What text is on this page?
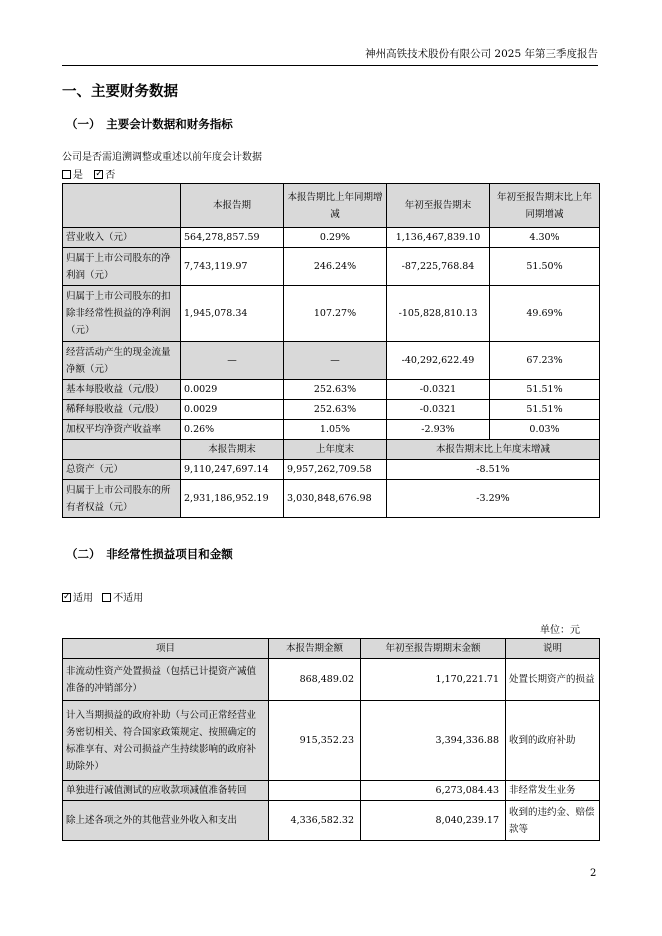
神州高铁技术股份有限公司 2025 年第三季度报告
一、主要财务数据
（一）　主要会计数据和财务指标
公司是否需追溯调整或重述以前年度会计数据
是 ✓ 否
	本报告期	本报告期比上年同期增减	年初至报告期末	年初至报告期末比上年同期增减
营业收入（元）	564,278,857.59	0.29%	1,136,467,839.10	4.30%
归属于上市公司股东的净利润（元）	7,743,119.97	246.24%	-87,225,768.84	51.50%
归属于上市公司股东的扣除非经常性损益的净利润（元）	1,945,078.34	107.27%	-105,828,810.13	49.69%
经营活动产生的现金流量净额（元）	—	—	-40,292,622.49	67.23%
基本每股收益（元/股）	0.0029	252.63%	-0.0321	51.51%
稀释每股收益（元/股）	0.0029	252.63%	-0.0321	51.51%
加权平均净资产收益率	0.26%	1.05%	-2.93%	0.03%
	本报告期末	上年度末	本报告期末比上年度末增减	
总资产（元）	9,110,247,697.14	9,957,262,709.58	-8.51%	
归属于上市公司股东的所有者权益（元）	2,931,186,952.19	3,030,848,676.98	-3.29%	
（二）　非经常性损益项目和金额
✓适用 不适用
单位：元
项目	本报告期金额	年初至报告期期末金额	说明
非流动性资产处置损益（包括已计提资产减值准备的冲销部分）	868,489.02	1,170,221.71	处置长期资产的损益
计入当期损益的政府补助（与公司正常经营业务密切相关、符合国家政策规定、按照确定的标准享有、对公司损益产生持续影响的政府补助除外）	915,352.23	3,394,336.88	收到的政府补助
单独进行减值测试的应收款项减值准备转回		6,273,084.43	非经常发生业务
除上述各项之外的其他营业外收入和支出	4,336,582.32	8,040,239.17	收到的违约金、赔偿款等
2
